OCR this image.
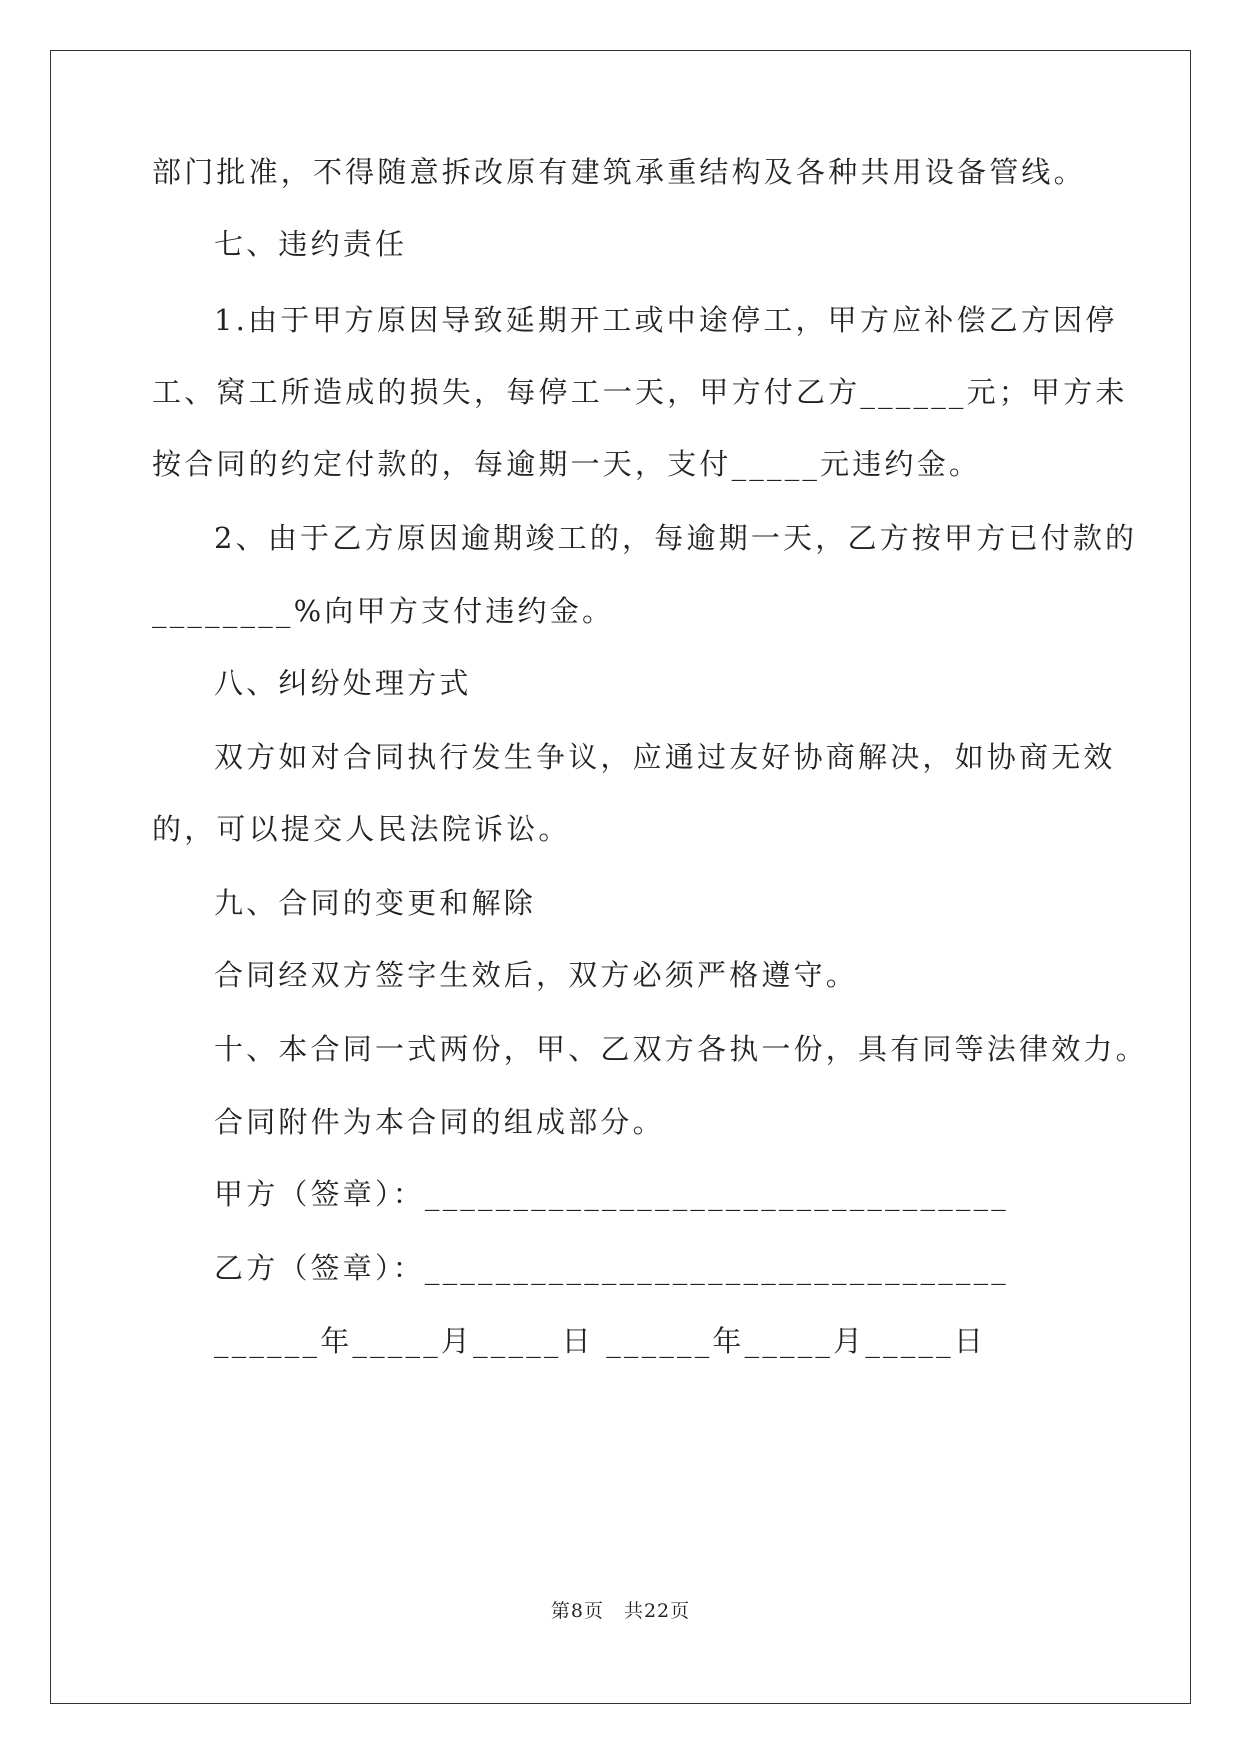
部门批准，不得随意拆改原有建筑承重结构及各种共用设备管线。
七、违约责任
1.由于甲方原因导致延期开工或中途停工，甲方应补偿乙方因停
工、窝工所造成的损失，每停工一天，甲方付乙方______元；甲方未
按合同的约定付款的，每逾期一天，支付_____元违约金。
2、由于乙方原因逾期竣工的，每逾期一天，乙方按甲方已付款的
________%向甲方支付违约金。
八、纠纷处理方式
双方如对合同执行发生争议，应通过友好协商解决，如协商无效
的，可以提交人民法院诉讼。
九、合同的变更和解除
合同经双方签字生效后，双方必须严格遵守。
十、本合同一式两份，甲、乙双方各执一份，具有同等法律效力。
合同附件为本合同的组成部分。
甲方（签章）：_________________________________
乙方（签章）：_________________________________
______年_____月_____日 ______年_____月_____日
第8页 共22页
